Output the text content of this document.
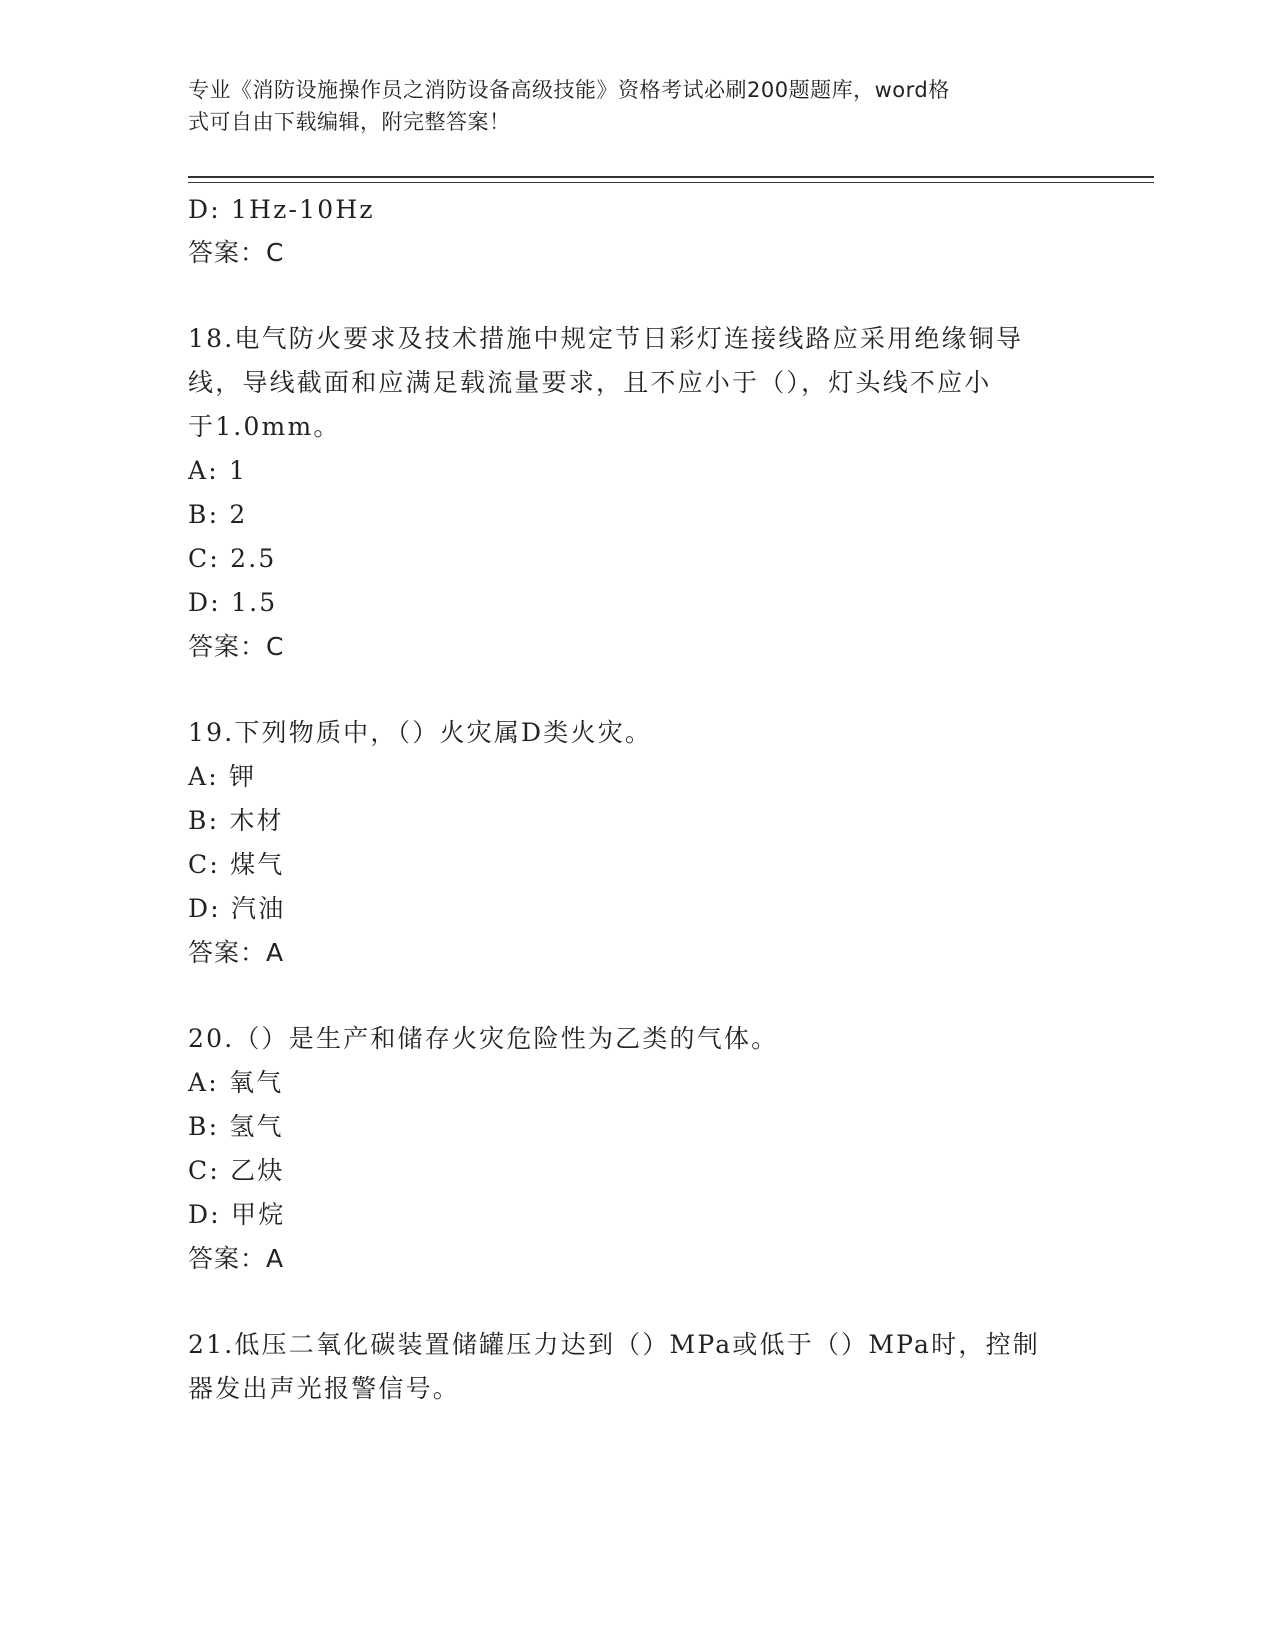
专业《消防设施操作员之消防设备高级技能》资格考试必刷200题题库，word格
式可自由下载编辑，附完整答案！
D: 1Hz-10Hz
答案：C
18.电气防火要求及技术措施中规定节日彩灯连接线路应采用绝缘铜导
线，导线截面和应满足载流量要求，且不应小于（），灯头线不应小
于1.0mm。
A: 1
B: 2
C: 2.5
D: 1.5
答案：C
19.下列物质中，（）火灾属D类火灾。
A: 钾
B: 木材
C: 煤气
D: 汽油
答案：A
20.（）是生产和储存火灾危险性为乙类的气体。
A: 氧气
B: 氢气
C: 乙炔
D: 甲烷
答案：A
21.低压二氧化碳装置储罐压力达到（）MPa或低于（）MPa时，控制
器发出声光报警信号。
